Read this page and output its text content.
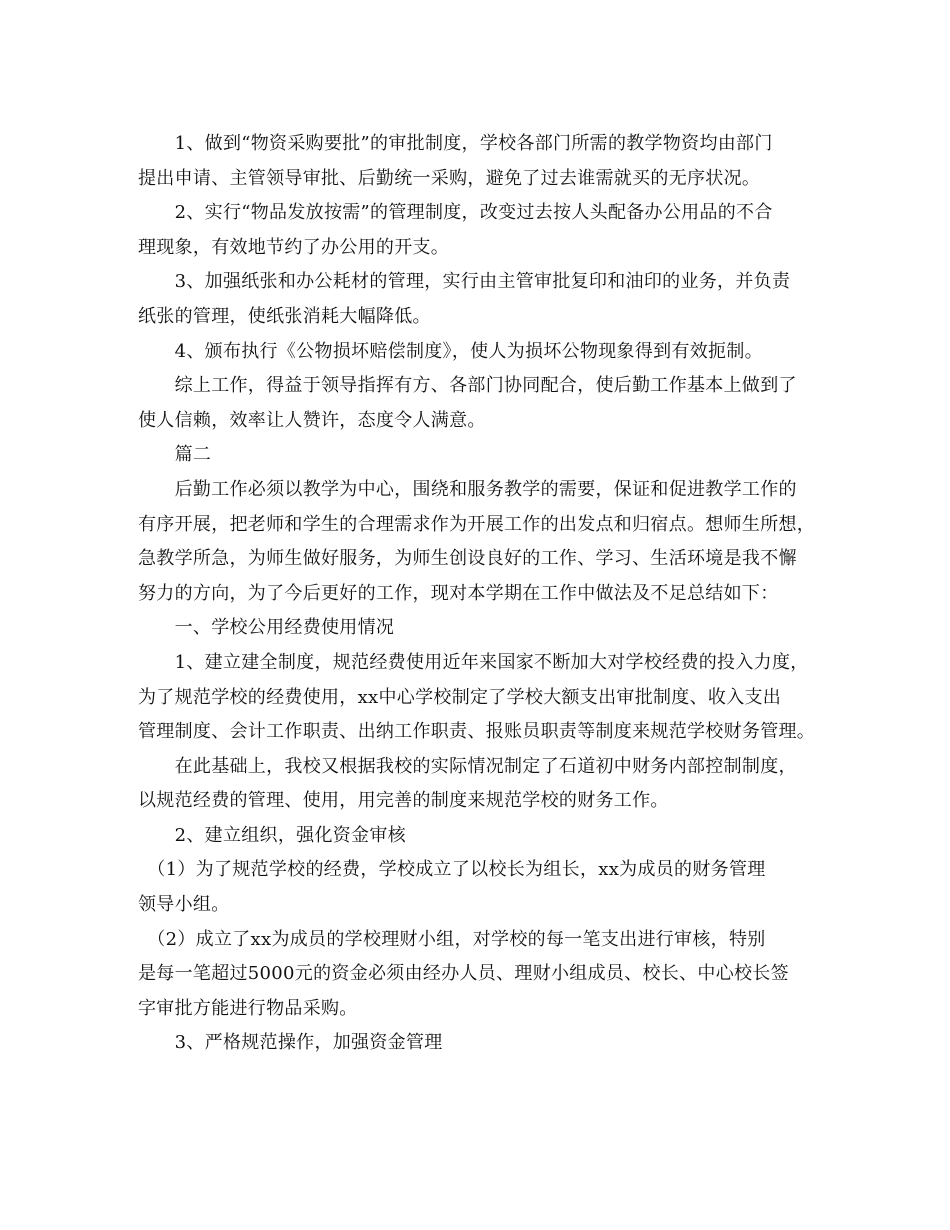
　　1、做到“物资采购要批”的审批制度，学校各部门所需的教学物资均由部门

提出申请、主管领导审批、后勤统一采购，避免了过去谁需就买的无序状况。

　　2、实行“物品发放按需”的管理制度，改变过去按人头配备办公用品的不合

理现象，有效地节约了办公用的开支。

　　3、加强纸张和办公耗材的管理，实行由主管审批复印和油印的业务，并负责

纸张的管理，使纸张消耗大幅降低。

　　4、颁布执行《公物损坏赔偿制度》，使人为损坏公物现象得到有效扼制。

　　综上工作，得益于领导指挥有方、各部门协同配合，使后勤工作基本上做到了

使人信赖，效率让人赞许，态度令人满意。

　　篇二

　　后勤工作必须以教学为中心，围绕和服务教学的需要，保证和促进教学工作的

有序开展，把老师和学生的合理需求作为开展工作的出发点和归宿点。想师生所想，

急教学所急，为师生做好服务，为师生创设良好的工作、学习、生活环境是我不懈

努力的方向，为了今后更好的工作，现对本学期在工作中做法及不足总结如下：

　　一、学校公用经费使用情况

　　1、建立建全制度，规范经费使用近年来国家不断加大对学校经费的投入力度，

为了规范学校的经费使用，xx中心学校制定了学校大额支出审批制度、收入支出

管理制度、会计工作职责、出纳工作职责、报账员职责等制度来规范学校财务管理。

　　在此基础上，我校又根据我校的实际情况制定了石道初中财务内部控制制度，

以规范经费的管理、使用，用完善的制度来规范学校的财务工作。

　　2、建立组织，强化资金审核

　（1）为了规范学校的经费，学校成立了以校长为组长，xx为成员的财务管理

领导小组。

　（2）成立了xx为成员的学校理财小组，对学校的每一笔支出进行审核，特别

是每一笔超过5000元的资金必须由经办人员、理财小组成员、校长、中心校长签

字审批方能进行物品采购。

　　3、严格规范操作，加强资金管理
